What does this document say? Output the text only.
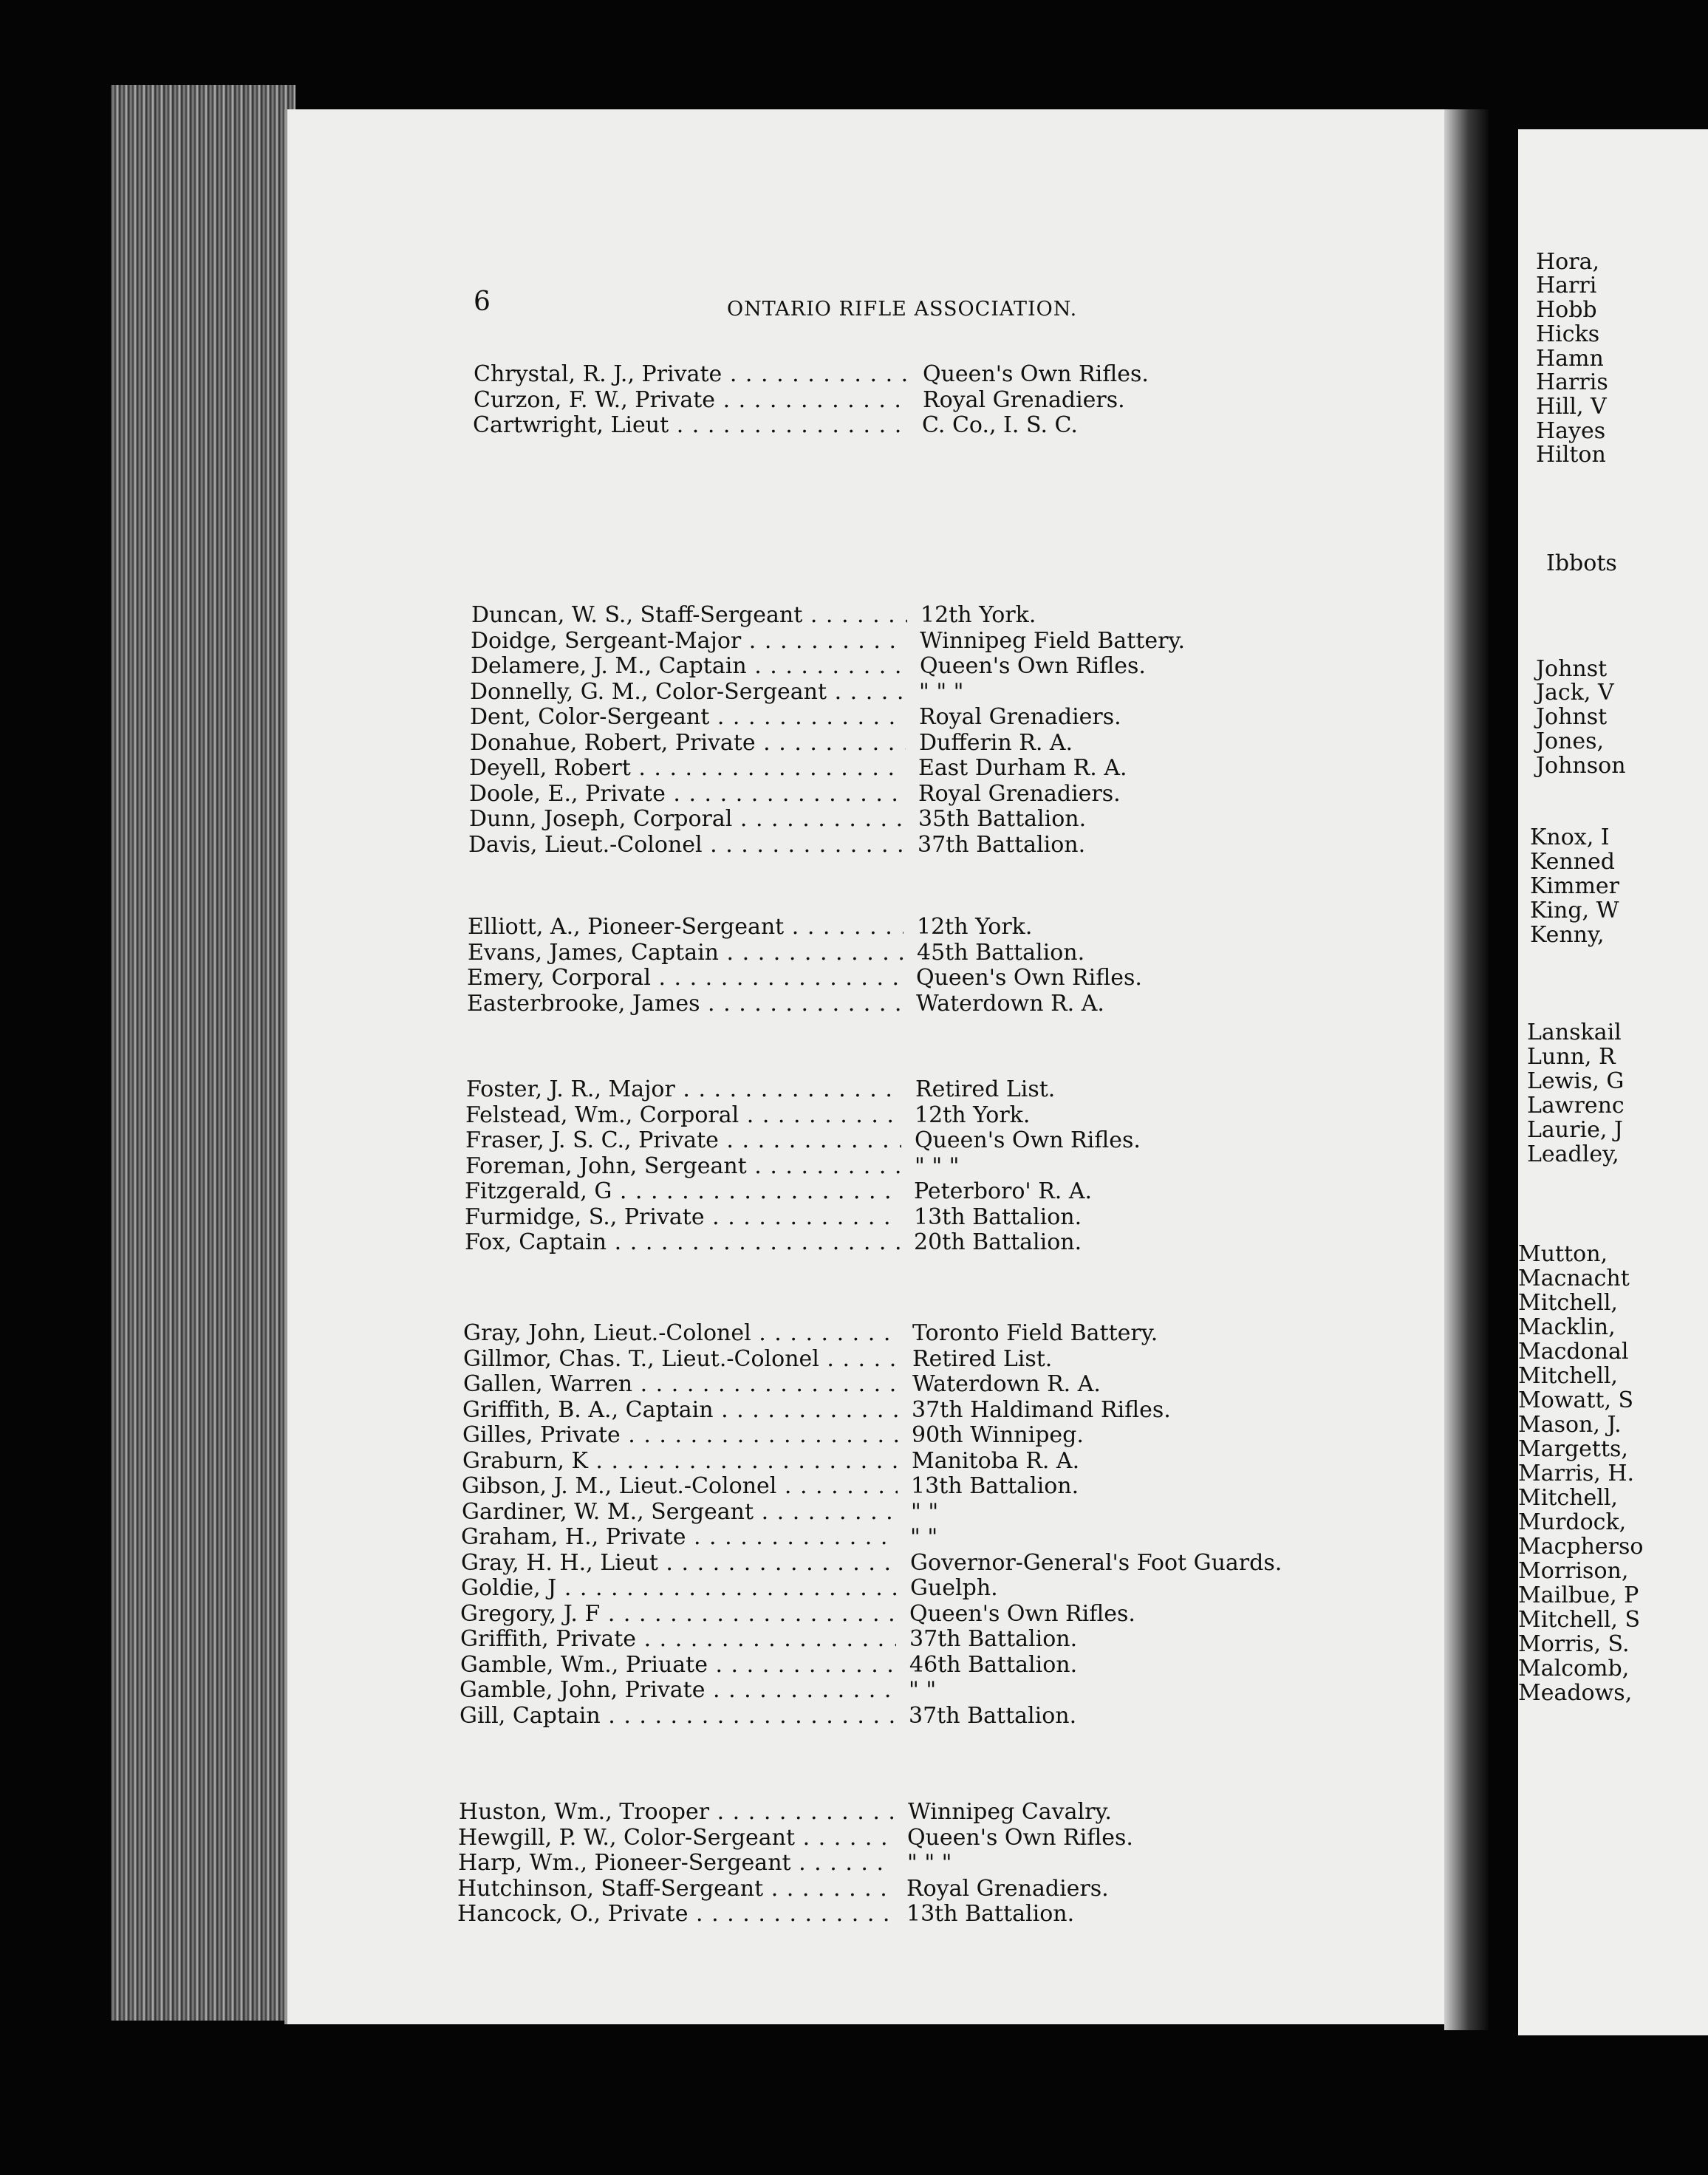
6	ONTARIO RIFLE ASSOCIATION.
Chrystal, R. J., Private . . .	Queen's Own Rifles.
Curzon, F. W., Private . . .	Royal Grenadiers.
Cartwright, Lieut . . .	C. Co., I. S. C.
Duncan, W. S., Staff-Sergeant . . .	12th York.
Doidge, Sergeant-Major . . .	Winnipeg Field Battery.
Delamere, J. M., Captain . . .	Queen's Own Rifles.
Donnelly, G. M., Color-Sergeant . . .	" " "
Dent, Color-Sergeant . . .	Royal Grenadiers.
Donahue, Robert, Private . . .	Dufferin R. A.
Deyell, Robert . . .	East Durham R. A.
Doole, E., Private . . .	Royal Grenadiers.
Dunn, Joseph, Corporal . . .	35th Battalion.
Davis, Lieut.-Colonel . . .	37th Battalion.
Elliott, A., Pioneer-Sergeant . . .	12th York.
Evans, James, Captain . . .	45th Battalion.
Emery, Corporal . . .	Queen's Own Rifles.
Easterbrooke, James . . .	Waterdown R. A.
Foster, J. R., Major . . .	Retired List.
Felstead, Wm., Corporal . . .	12th York.
Fraser, J. S. C., Private . . .	Queen's Own Rifles.
Foreman, John, Sergeant . . .	" " "
Fitzgerald, G . . .	Peterboro' R. A.
Furmidge, S., Private . . .	13th Battalion.
Fox, Captain . . .	20th Battalion.
Gray, John, Lieut.-Colonel . . .	Toronto Field Battery.
Gillmor, Chas. T., Lieut.-Colonel . . .	Retired List.
Gallen, Warren . . .	Waterdown R. A.
Griffith, B. A., Captain . . .	37th Haldimand Rifles.
Gilles, Private . . .	90th Winnipeg.
Graburn, K . . .	Manitoba R. A.
Gibson, J. M., Lieut.-Colonel . . .	13th Battalion.
Gardiner, W. M., Sergeant . . .	" "
Graham, H., Private . . .	" "
Gray, H. H., Lieut . . .	Governor-General's Foot Guards.
Goldie, J . . .	Guelph.
Gregory, J. F . . .	Queen's Own Rifles.
Griffith, Private . . .	37th Battalion.
Gamble, Wm., Priuate . . .	46th Battalion.
Gamble, John, Private . . .	" "
Gill, Captain . . .	37th Battalion.
Huston, Wm., Trooper . . .	Winnipeg Cavalry.
Hewgill, P. W., Color-Sergeant . . .	Queen's Own Rifles.
Harp, Wm., Pioneer-Sergeant . . .	" " "
Hutchinson, Staff-Sergeant . . .	Royal Grenadiers.
Hancock, O., Private . . .	13th Battalion.
Hora,
Harri
Hobb
Hicks
Hamn
Harris
Hill, V
Hayes
Hilton
Ibbots
Johnst
Jack, V
Johnst
Jones,
Johnson
Knox, I
Kenned
Kimmer
King, W
Kenny,
Lanskail
Lunn, R
Lewis, G
Lawrenc
Laurie, J
Leadley,
Mutton,
Macnacht
Mitchell,
Macklin,
Macdonal
Mitchell,
Mowatt, S
Mason, J.
Margetts,
Marris, H.
Mitchell,
Murdock,
Macpherso
Morrison,
Mailbue, P
Mitchell, S
Morris, S.
Malcomb,
Meadows,
